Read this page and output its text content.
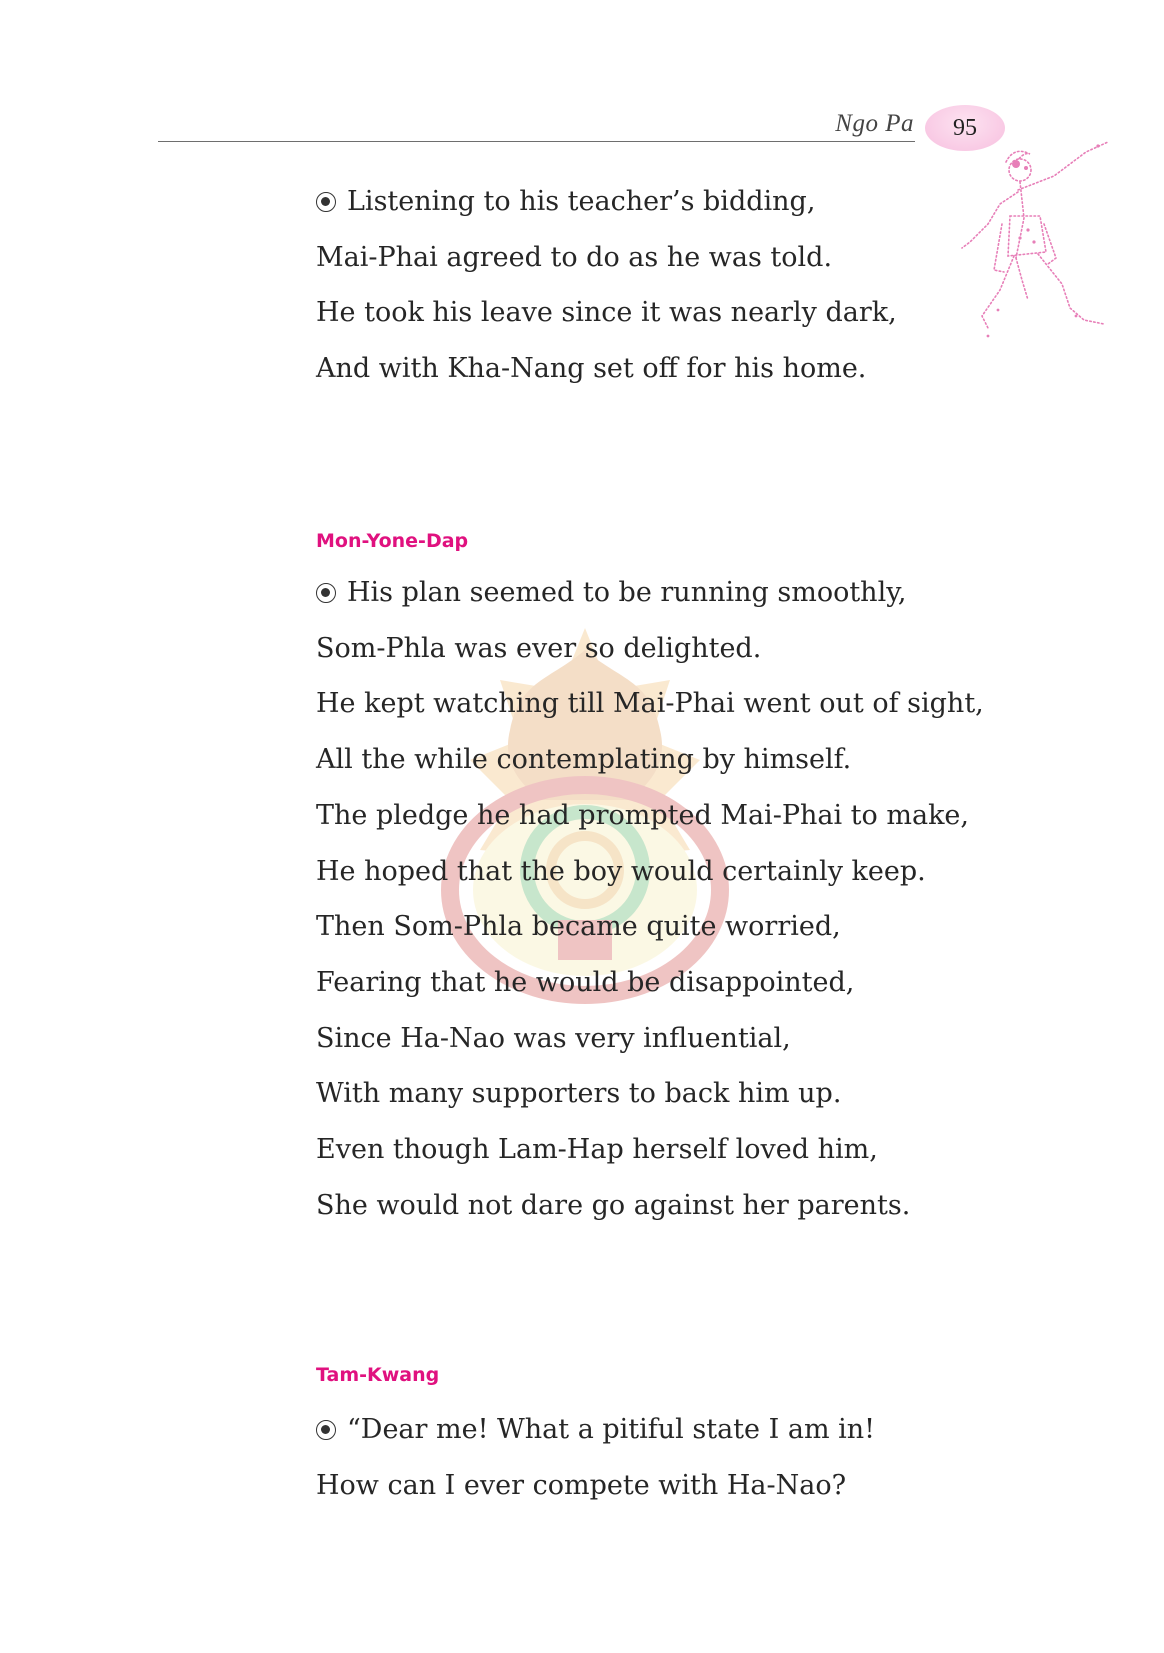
Ngo Pa 95
Listening to his teacher’s bidding,
Mai-Phai agreed to do as he was told.
He took his leave since it was nearly dark,
And with Kha-Nang set off for his home.
Mon-Yone-Dap
His plan seemed to be running smoothly,
Som-Phla was ever so delighted.
He kept watching till Mai-Phai went out of sight,
All the while contemplating by himself.
The pledge he had prompted Mai-Phai to make,
He hoped that the boy would certainly keep.
Then Som-Phla became quite worried,
Fearing that he would be disappointed,
Since Ha-Nao was very influential,
With many supporters to back him up.
Even though Lam-Hap herself loved him,
She would not dare go against her parents.
Tam-Kwang
“Dear me! What a pitiful state I am in!
How can I ever compete with Ha-Nao?
